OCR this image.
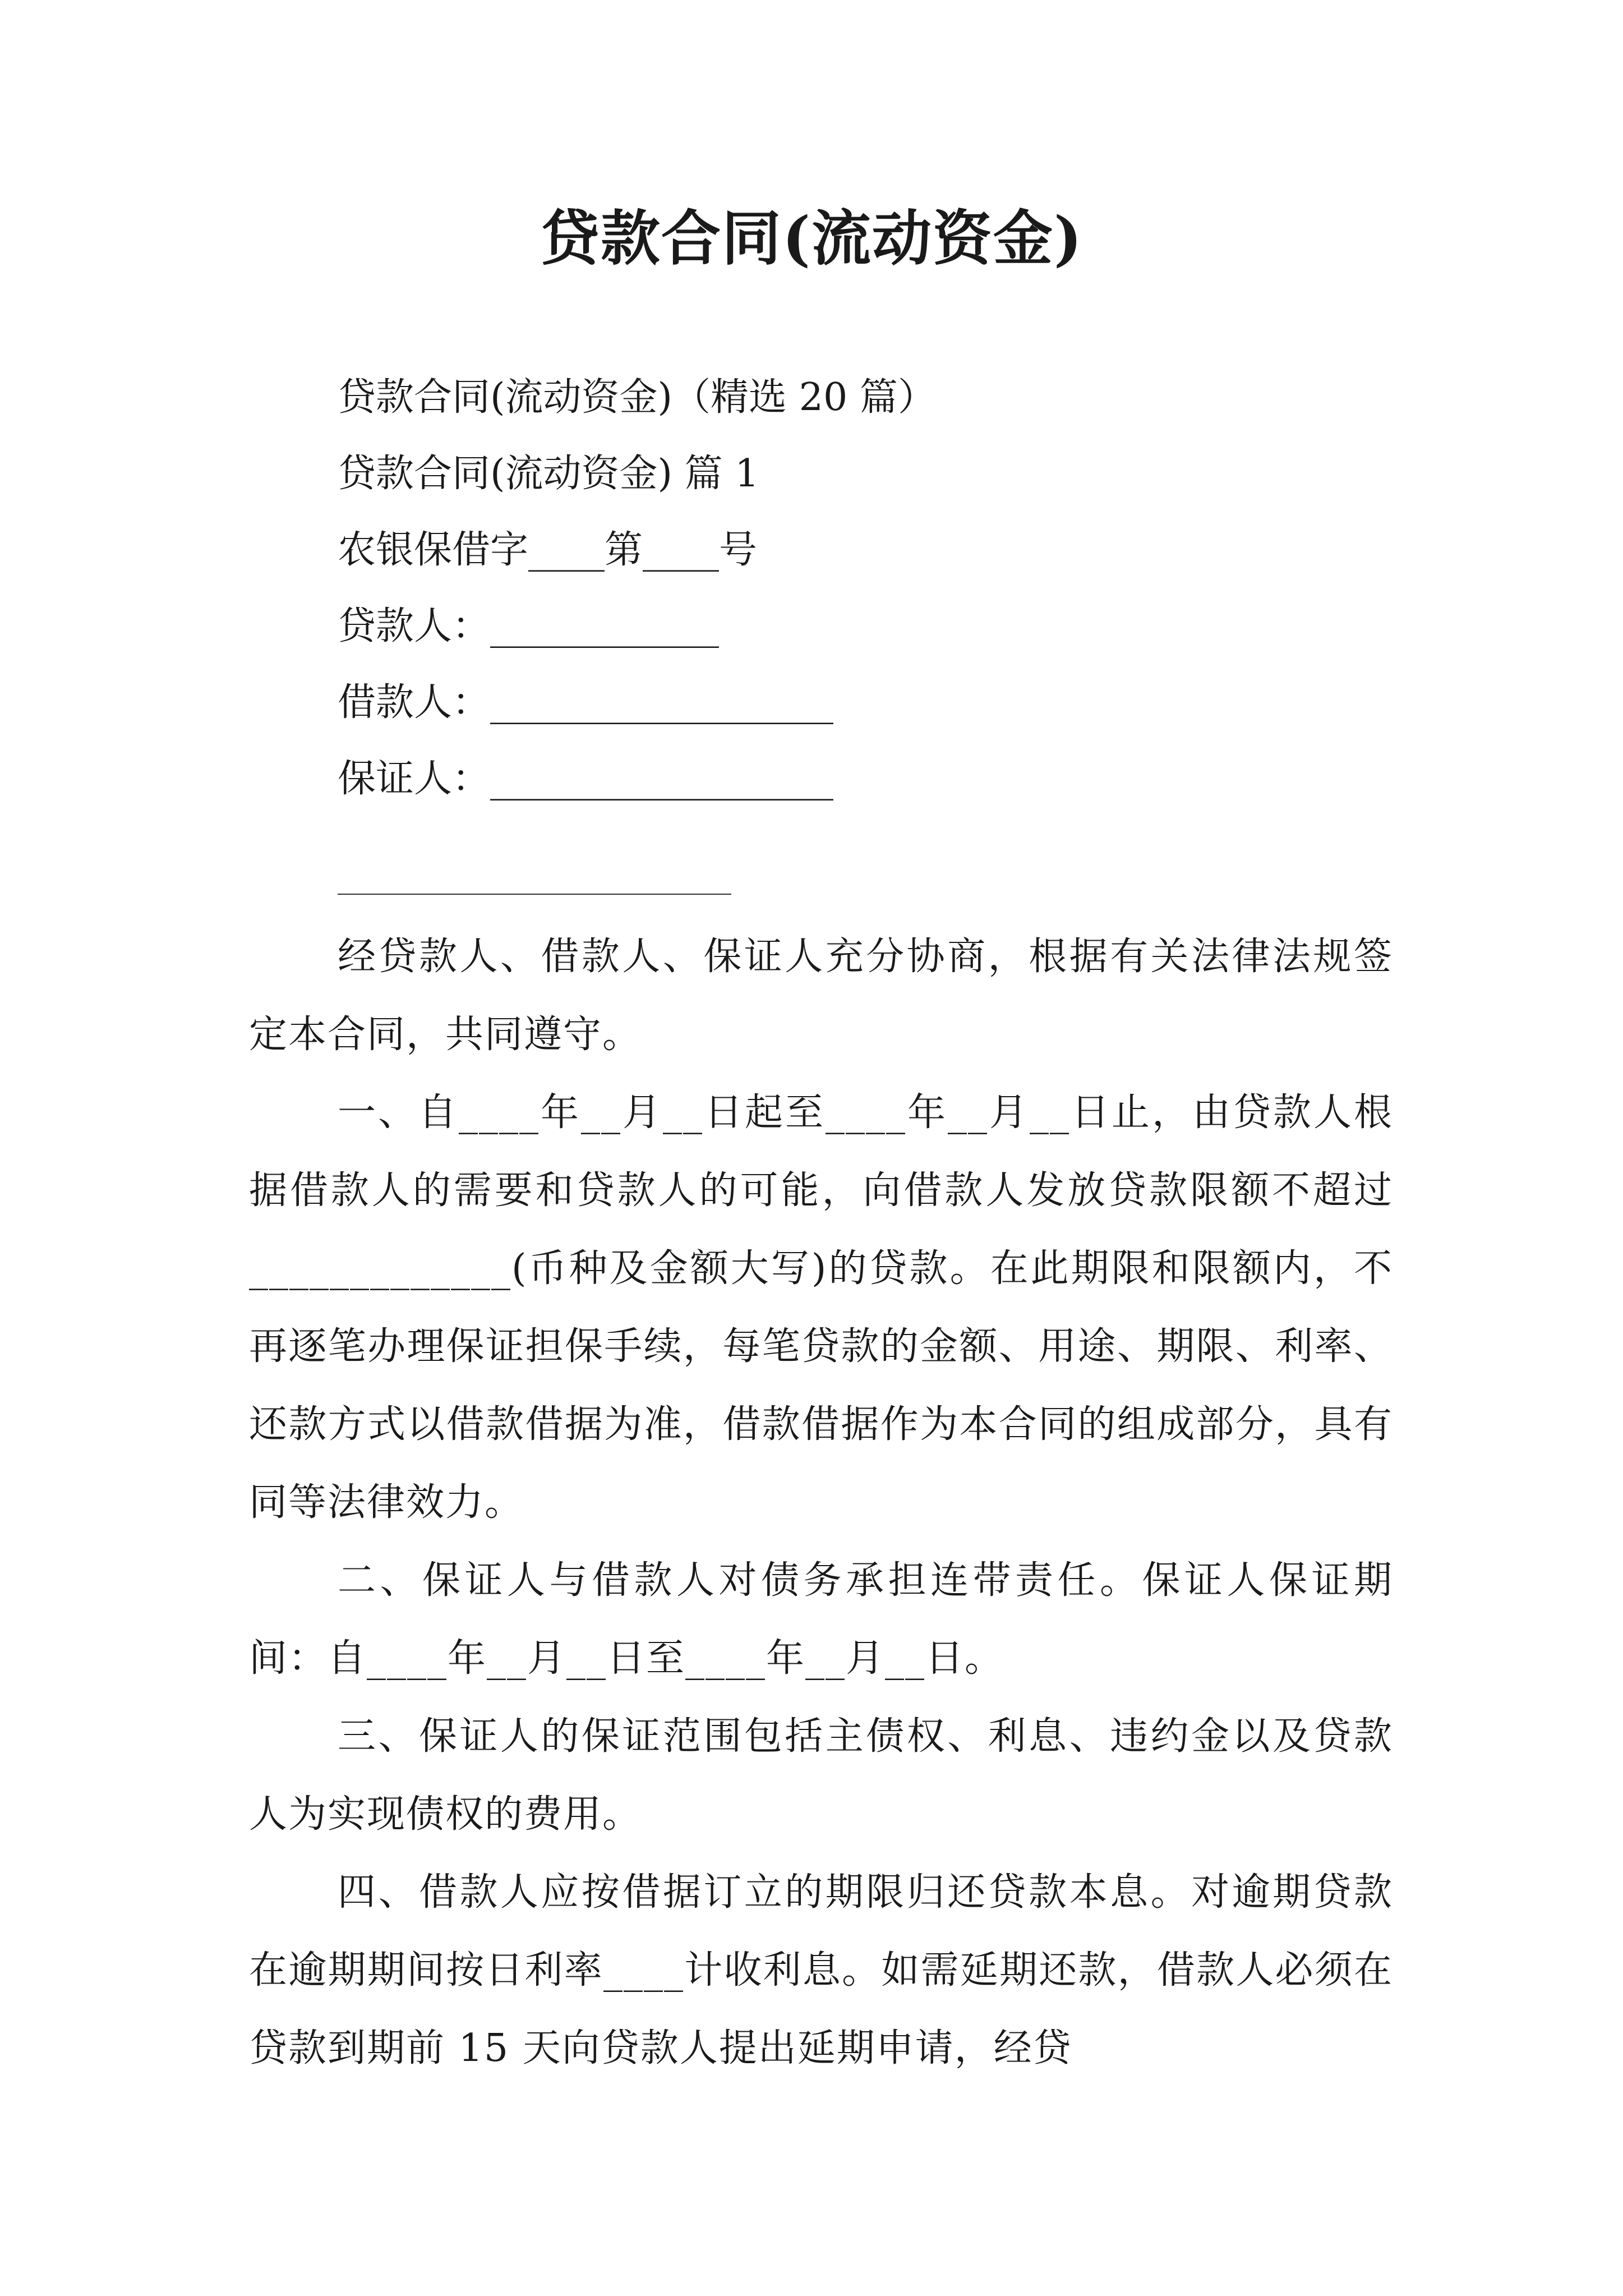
贷款合同(流动资金)
贷款合同(流动资金)（精选 20 篇）
贷款合同(流动资金) 篇 1
农银保借字____第____号
贷款人：____________
借款人：__________________
保证人：__________________
经贷款人、借款人、保证人充分协商，根据有关法律法规签定本合同，共同遵守。
一、自____年__月__日起至____年__月__日止，由贷款人根据借款人的需要和贷款人的可能，向借款人发放贷款限额不超过_____________(币种及金额大写)的贷款。在此期限和限额内，不再逐笔办理保证担保手续，每笔贷款的金额、用途、期限、利率、还款方式以借款借据为准，借款借据作为本合同的组成部分，具有同等法律效力。
二、保证人与借款人对债务承担连带责任。保证人保证期间：自____年__月__日至____年__月__日。
三、保证人的保证范围包括主债权、利息、违约金以及贷款人为实现债权的费用。
四、借款人应按借据订立的期限归还贷款本息。对逾期贷款在逾期期间按日利率____计收利息。如需延期还款，借款人必须在贷款到期前 15 天向贷款人提出延期申请，经贷
